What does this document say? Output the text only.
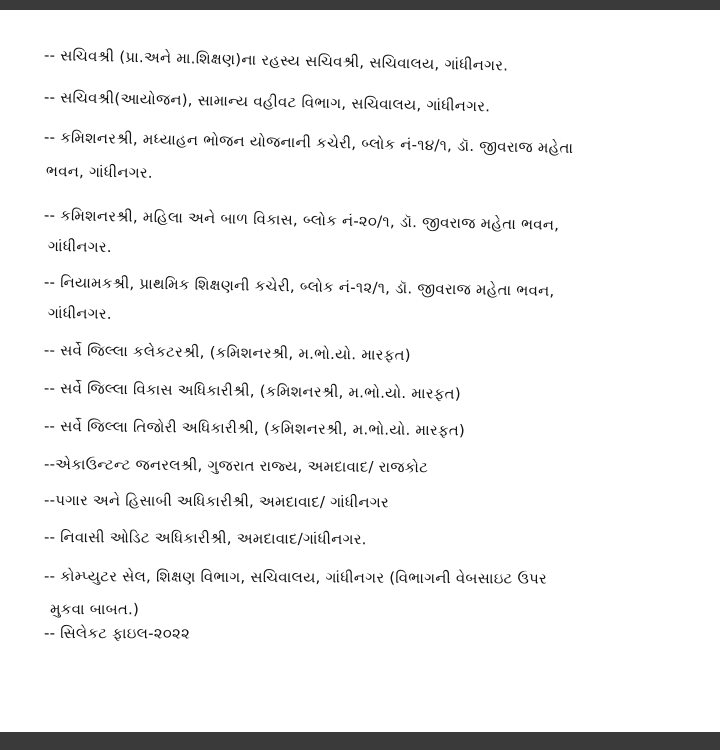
-- સચિવશ્રી (પ્રા.અને મા.શિક્ષણ)ના રહસ્ય સચિવશ્રી, સચિવાલય, ગાંધીનગર.
-- સચિવશ્રી(આયોજન), સામાન્ય વહીવટ વિભાગ, સચિવાલય, ગાંધીનગર.
-- કમિશનરશ્રી, મધ્યાહન ભોજન યોજનાની કચેરી, બ્લોક નં-૧૪/૧, ડૉ. જીવરાજ મહેતા
ભવન, ગાંધીનગર.
-- કમિશનરશ્રી, મહિલા અને બાળ વિકાસ, બ્લોક નં-૨૦/૧, ડૉ. જીવરાજ મહેતા ભવન,
ગાંધીનગર.
-- નિયામકશ્રી, પ્રાથમિક શિક્ષણની કચેરી, બ્લોક નં-૧૨/૧, ડૉ. જીવરાજ મહેતા ભવન,
ગાંધીનગર.
-- સર્વે જિલ્લા કલેકટરશ્રી, (કમિશનરશ્રી, મ.ભો.યો. મારફત)
-- સર્વે જિલ્લા વિકાસ અધિકારીશ્રી, (કમિશનરશ્રી, મ.ભો.યો. મારફત)
-- સર્વે જિલ્લા તિજોરી અધિકારીશ્રી, (કમિશનરશ્રી, મ.ભો.યો. મારફત)
--એકાઉન્ટન્ટ જનરલશ્રી, ગુજરાત રાજ્ય, અમદાવાદ/ રાજકોટ
--પગાર અને હિસાબી અધિકારીશ્રી, અમદાવાદ/ ગાંધીનગર
-- નિવાસી ઓડિટ અધિકારીશ્રી, અમદાવાદ/ગાંધીનગર.
-- કોમ્પ્યુટર સેલ, શિક્ષણ વિભાગ, સચિવાલય, ગાંધીનગર (વિભાગની વેબસાઇટ ઉપર
મુકવા બાબત.)
-- સિલેકટ ફાઇલ-૨૦૨૨
